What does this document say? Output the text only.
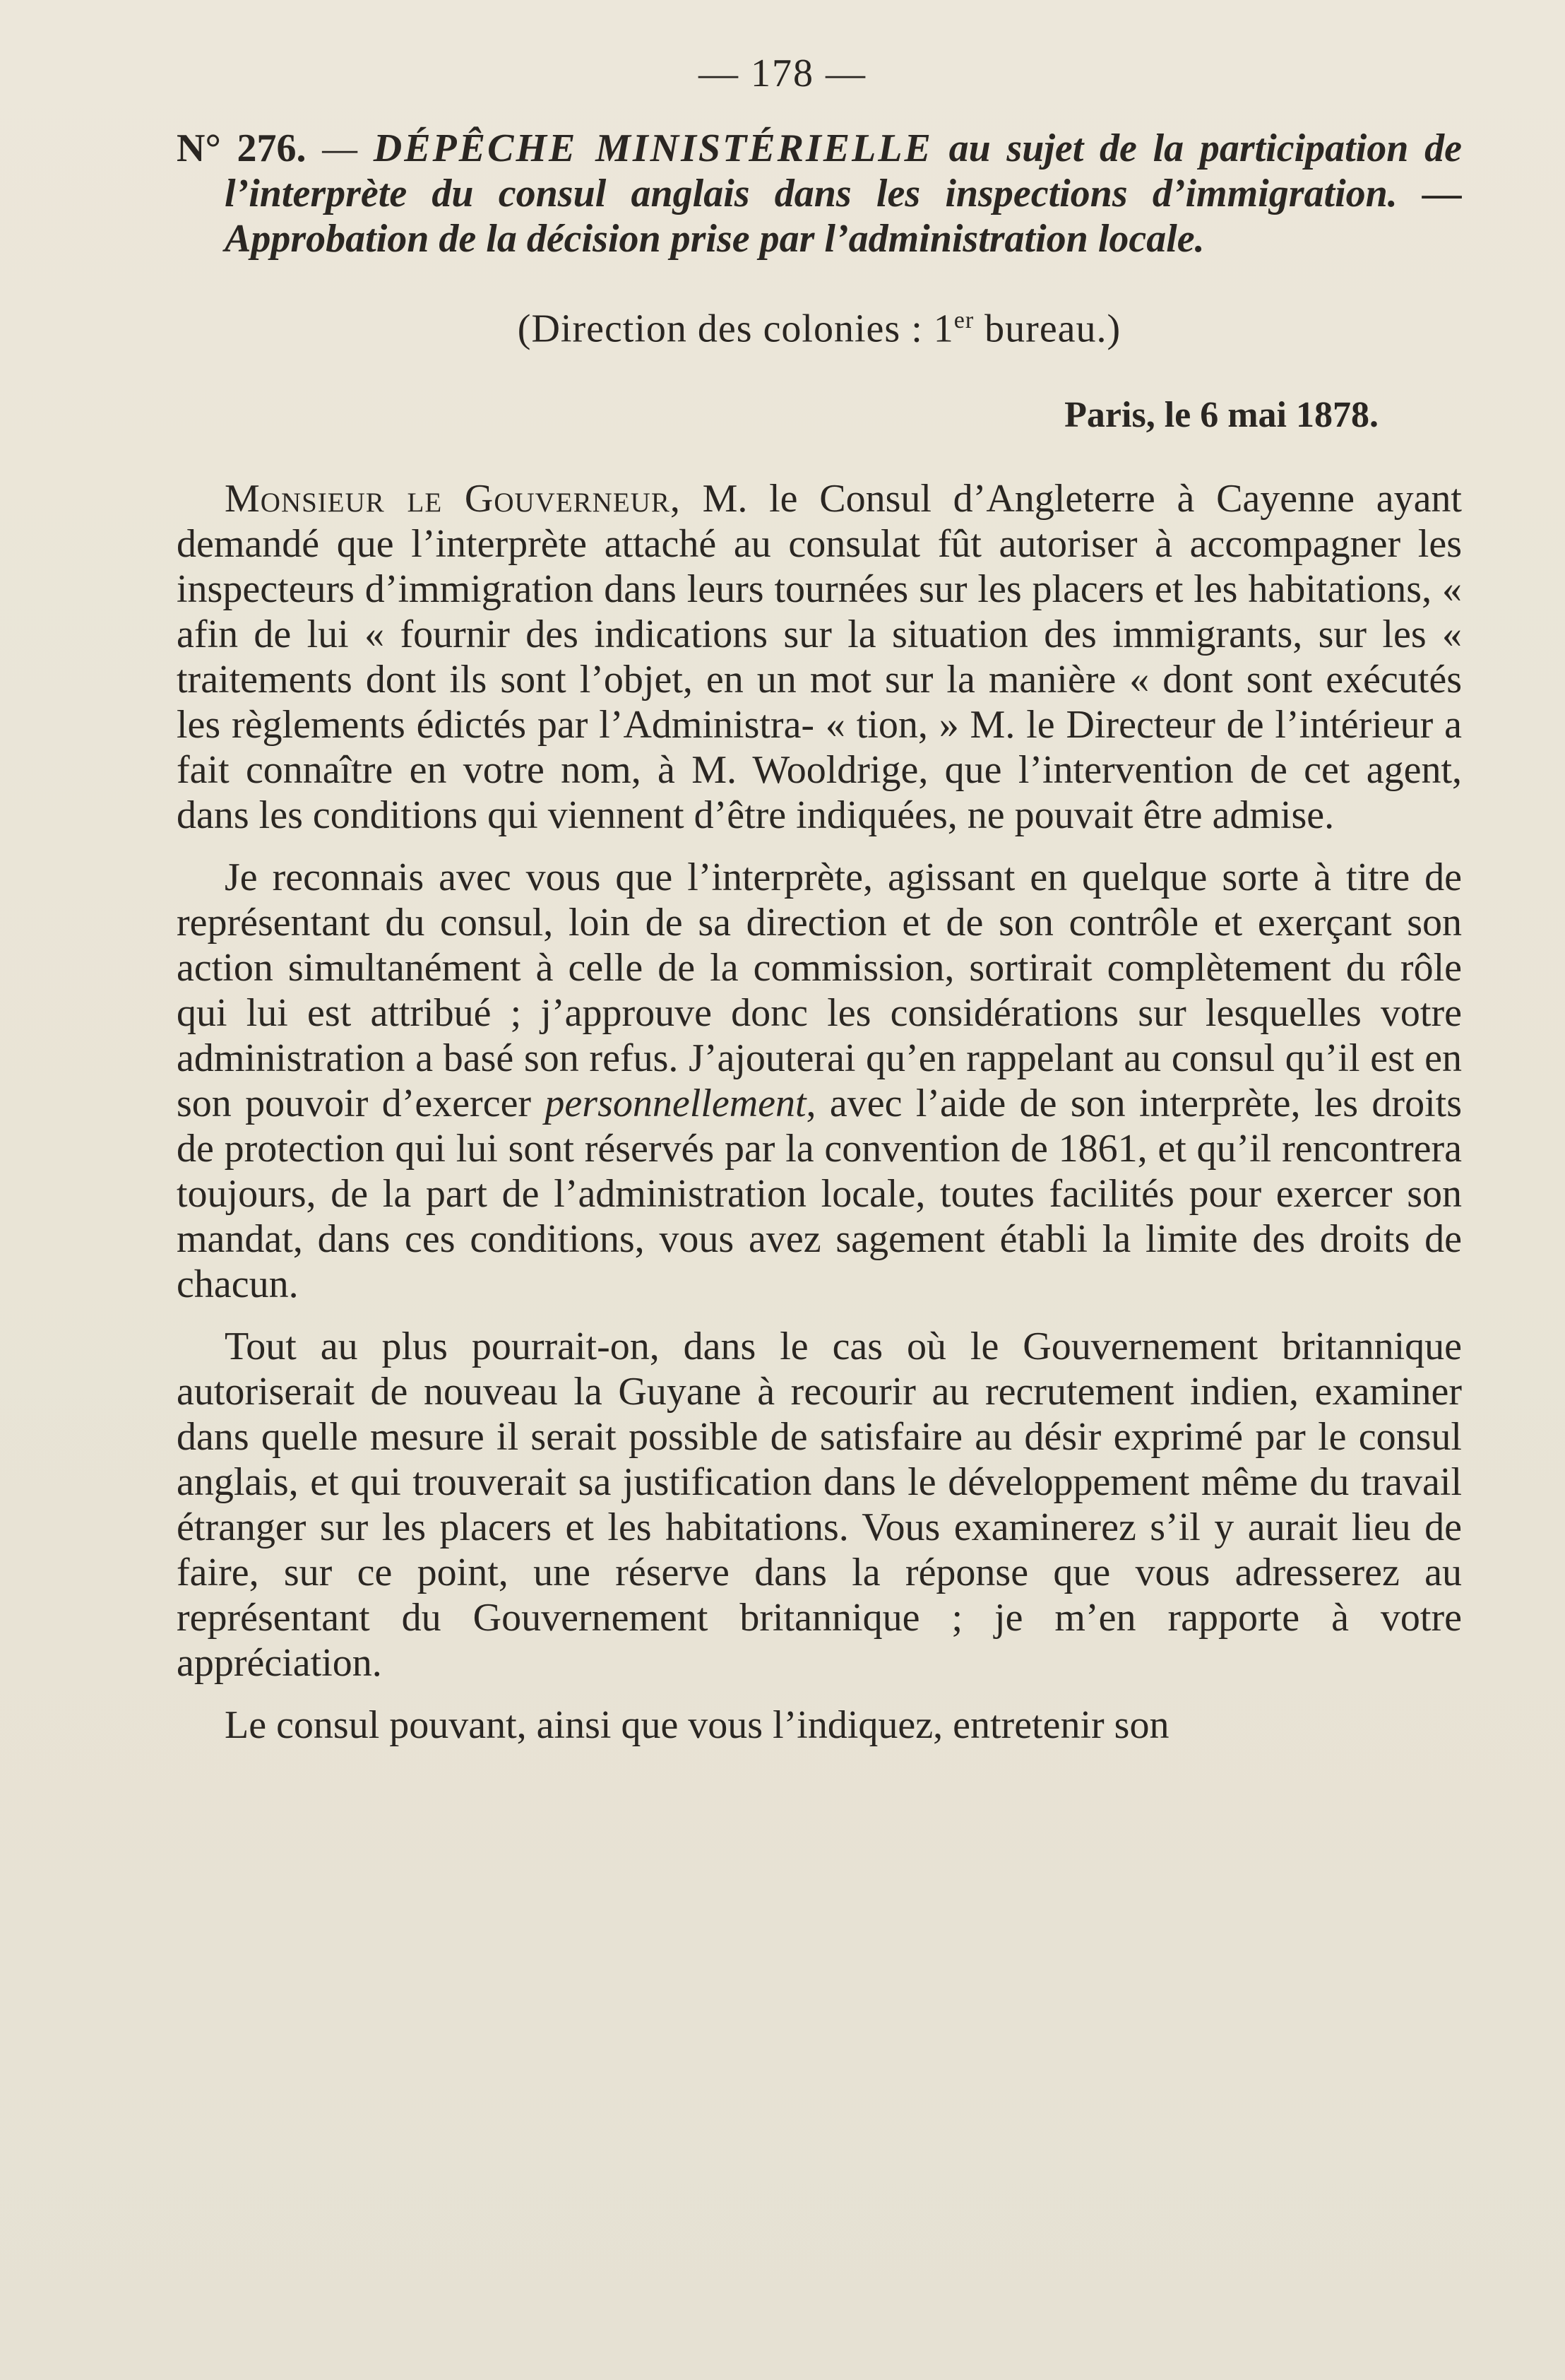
— 178 —

N° 276. — DÉPÊCHE MINISTÉRIELLE au sujet de la participation de l’interprète du consul anglais dans les inspections d’immigration. — Approbation de la décision prise par l’administration locale.

(Direction des colonies : 1er bureau.)

Paris, le 6 mai 1878.

Monsieur le Gouverneur, M. le Consul d’Angleterre à Cayenne ayant demandé que l’interprète attaché au consulat fût autoriser à accompagner les inspecteurs d’immigration dans leurs tournées sur les placers et les habitations, « afin de lui « fournir des indications sur la situation des immigrants, sur les « traitements dont ils sont l’objet, en un mot sur la manière « dont sont exécutés les règlements édictés par l’Administra- « tion, » M. le Directeur de l’intérieur a fait connaître en votre nom, à M. Wooldrige, que l’intervention de cet agent, dans les conditions qui viennent d’être indiquées, ne pouvait être admise.

Je reconnais avec vous que l’interprète, agissant en quelque sorte à titre de représentant du consul, loin de sa direction et de son contrôle et exerçant son action simultanément à celle de la commission, sortirait complètement du rôle qui lui est attribué ; j’approuve donc les considérations sur lesquelles votre administration a basé son refus. J’ajouterai qu’en rappelant au consul qu’il est en son pouvoir d’exercer personnellement, avec l’aide de son interprète, les droits de protection qui lui sont réservés par la convention de 1861, et qu’il rencontrera toujours, de la part de l’administration locale, toutes facilités pour exercer son mandat, dans ces conditions, vous avez sagement établi la limite des droits de chacun.

Tout au plus pourrait-on, dans le cas où le Gouvernement britannique autoriserait de nouveau la Guyane à recourir au recrutement indien, examiner dans quelle mesure il serait possible de satisfaire au désir exprimé par le consul anglais, et qui trouverait sa justification dans le développement même du travail étranger sur les placers et les habitations. Vous examinerez s’il y aurait lieu de faire, sur ce point, une réserve dans la réponse que vous adresserez au représentant du Gouvernement britannique ; je m’en rapporte à votre appréciation.

Le consul pouvant, ainsi que vous l’indiquez, entretenir son
